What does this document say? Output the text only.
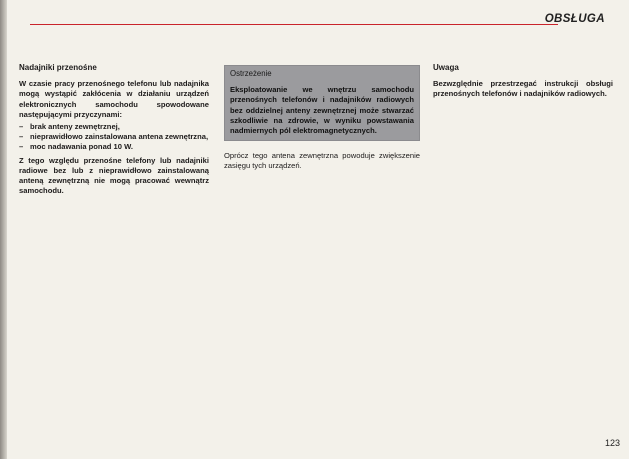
OBSŁUGA
Nadajniki przenośne

W czasie pracy przenośnego telefonu lub nadajnika mogą wystąpić zakłócenia w działaniu urządzeń elektronicznych samochodu spowodowane następującymi przyczynami:

– brak anteny zewnętrznej,
– nieprawidłowo zainstalowana antena zewnętrzna,
– moc nadawania ponad 10 W.

Z tego względu przenośne telefony lub nadajniki radiowe bez lub z nieprawidłowo zainstalowaną anteną zewnętrzną nie mogą pracować wewnątrz samochodu.

Ostrzeżenie

Eksploatowanie we wnętrzu samochodu przenośnych telefonów i nadajników radiowych bez oddzielnej anteny zewnętrznej może stwarzać szkodliwie na zdrowie, w wyniku powstawania nadmiernych pól elektromagnetycznych.

Oprócz tego antena zewnętrzna powoduje zwiększenie zasięgu tych urządzeń.

Uwaga

Bezwzględnie przestrzegać instrukcji obsługi przenośnych telefonów i nadajników radiowych.

123
